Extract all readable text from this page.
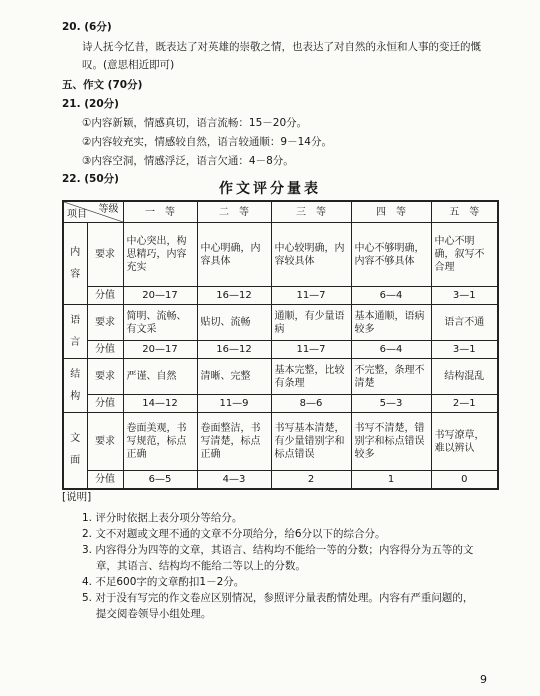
20. (6分)
诗人抚今忆昔，既表达了对英雄的崇敬之情，也表达了对自然的永恒和人事的变迁的慨
叹。(意思相近即可)
五、作文 (70分)
21. (20分)
①内容新颖，情感真切，语言流畅：15－20分。
②内容较充实，情感较自然，语言较通顺：9－14分。
③内容空洞，情感浮泛，语言欠通：4－8分。
22. (50分)
作文评分量表
等级
项目		一　等	二　等	三　等	四　等	五　等
内容	要求	中心突出，构思精巧，内容充实	中心明确，内容具体	中心较明确，内容较具体	中心不够明确，内容不够具体	中心不明确，叙写不合理
	分值	20—17	16—12	11—7	6—4	3—1
语言	要求	简明、流畅、有文采	贴切、流畅	通顺，有少量语病	基本通顺，语病较多	语言不通
	分值	20—17	16—12	11—7	6—4	3—1
结构	要求	严谨、自然	清晰、完整	基本完整，比较有条理	不完整，条理不清楚	结构混乱
	分值	14—12	11—9	8—6	5—3	2—1
文面	要求	卷面美观，书写规范，标点正确	卷面整洁，书写清楚，标点正确	书写基本清楚，有少量错别字和标点错误	书写不清楚，错别字和标点错误较多	书写潦草，难以辨认
	分值	6—5	4—3	2	1	0
[说明]
1. 评分时依据上表分项分等给分。
2. 文不对题或文理不通的文章不分项给分，给6分以下的综合分。
3. 内容得分为四等的文章，其语言、结构均不能给一等的分数；内容得分为五等的文
　 章，其语言、结构均不能给二等以上的分数。
4. 不足600字的文章酌扣1－2分。
5. 对于没有写完的作文卷应区别情况，参照评分量表酌情处理。内容有严重问题的，
　 提交阅卷领导小组处理。
9
